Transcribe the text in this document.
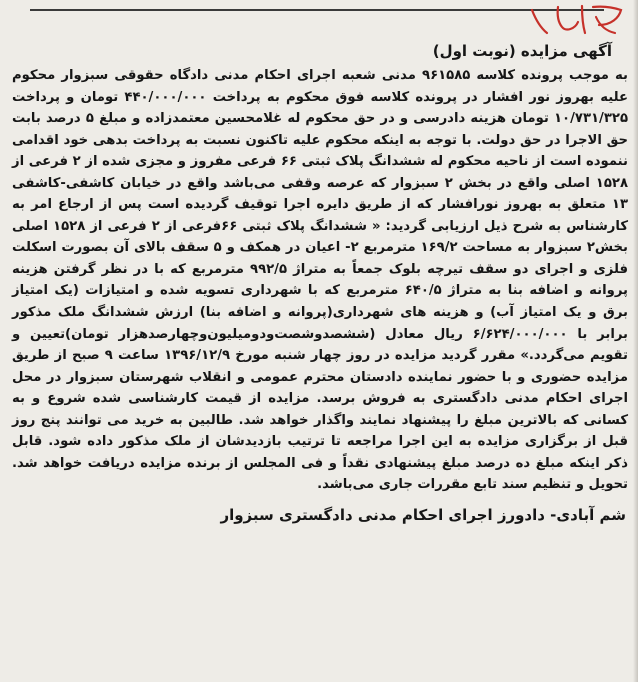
آگهی مزایده (نوبت اول)

به موجب پرونده کلاسه ۹۶۱۵۸۵ مدنی شعبه اجرای احکام مدنی دادگاه حقوقی سبزوار محکوم علیه بهروز نور افشار در پرونده کلاسه فوق محکوم به پرداخت ۴۴۰/۰۰۰/۰۰۰ تومان و پرداخت ۱۰/۷۳۱/۳۲۵ تومان هزینه دادرسی و در حق محکوم له غلامحسین معتمدزاده و مبلغ ۵ درصد بابت حق الاجرا در حق دولت. با توجه به اینکه محکوم علیه تاکنون نسبت به پرداخت بدهی خود اقدامی ننموده است از ناحیه محکوم له ششدانگ پلاک ثبتی ۶۶ فرعی مفروز و مجزی شده از ۲ فرعی از ۱۵۲۸ اصلی واقع در بخش ۲ سبزوار که عرصه وقفی می‌باشد واقع در خیابان کاشفی-کاشفی ۱۳ متعلق به بهروز نورافشار که از طریق دایره اجرا توقیف گردیده است پس از ارجاع امر به کارشناس به شرح ذیل ارزیابی گردید: « ششدانگ پلاک ثبتی ۶۶فرعی از ۲ فرعی از ۱۵۲۸ اصلی بخش۲ سبزوار به مساحت ۱۶۹/۲ مترمربع ۲- اعیان در همکف و ۵ سقف بالای آن بصورت اسکلت فلزی و اجرای دو سقف تیرچه بلوک جمعاً به متراژ ۹۹۲/۵ مترمربع که با در نظر گرفتن هزینه پروانه و اضافه بنا به متراژ ۶۴۰/۵ مترمربع که با شهرداری تسویه شده و امتیازات (یک امتیاز برق و یک امتیاز آب) و هزینه های شهرداری(پروانه و اضافه بنا) ارزش ششدانگ ملک مذکور برابر با ۶/۶۲۴/۰۰۰/۰۰۰ ریال معادل (ششصدوشصت‌ودومیلیون‌وچهارصدهزار تومان)تعیین و تقویم می‌گردد.» مقرر گردید مزایده در روز چهار شنبه مورخ ۱۳۹۶/۱۲/۹ ساعت ۹ صبح از طریق مزایده حضوری و با حضور نماینده دادستان محترم عمومی و انقلاب شهرستان سبزوار در محل اجرای احکام مدنی دادگستری به فروش برسد. مزایده از قیمت کارشناسی شده شروع و به کسانی که بالاترین مبلغ را پیشنهاد نمایند واگذار خواهد شد. طالبین به خرید می توانند پنج روز قبل از برگزاری مزایده به این اجرا مراجعه تا ترتیب بازدیدشان از ملک مذکور داده شود. قابل ذکر اینکه مبلغ ده درصد مبلغ پیشنهادی نقداً و فی المجلس از برنده مزایده دریافت خواهد شد. تحویل و تنظیم سند تابع مقررات جاری می‌باشد.

شم آبادی- دادورز اجرای احکام مدنی دادگستری سبزوار
